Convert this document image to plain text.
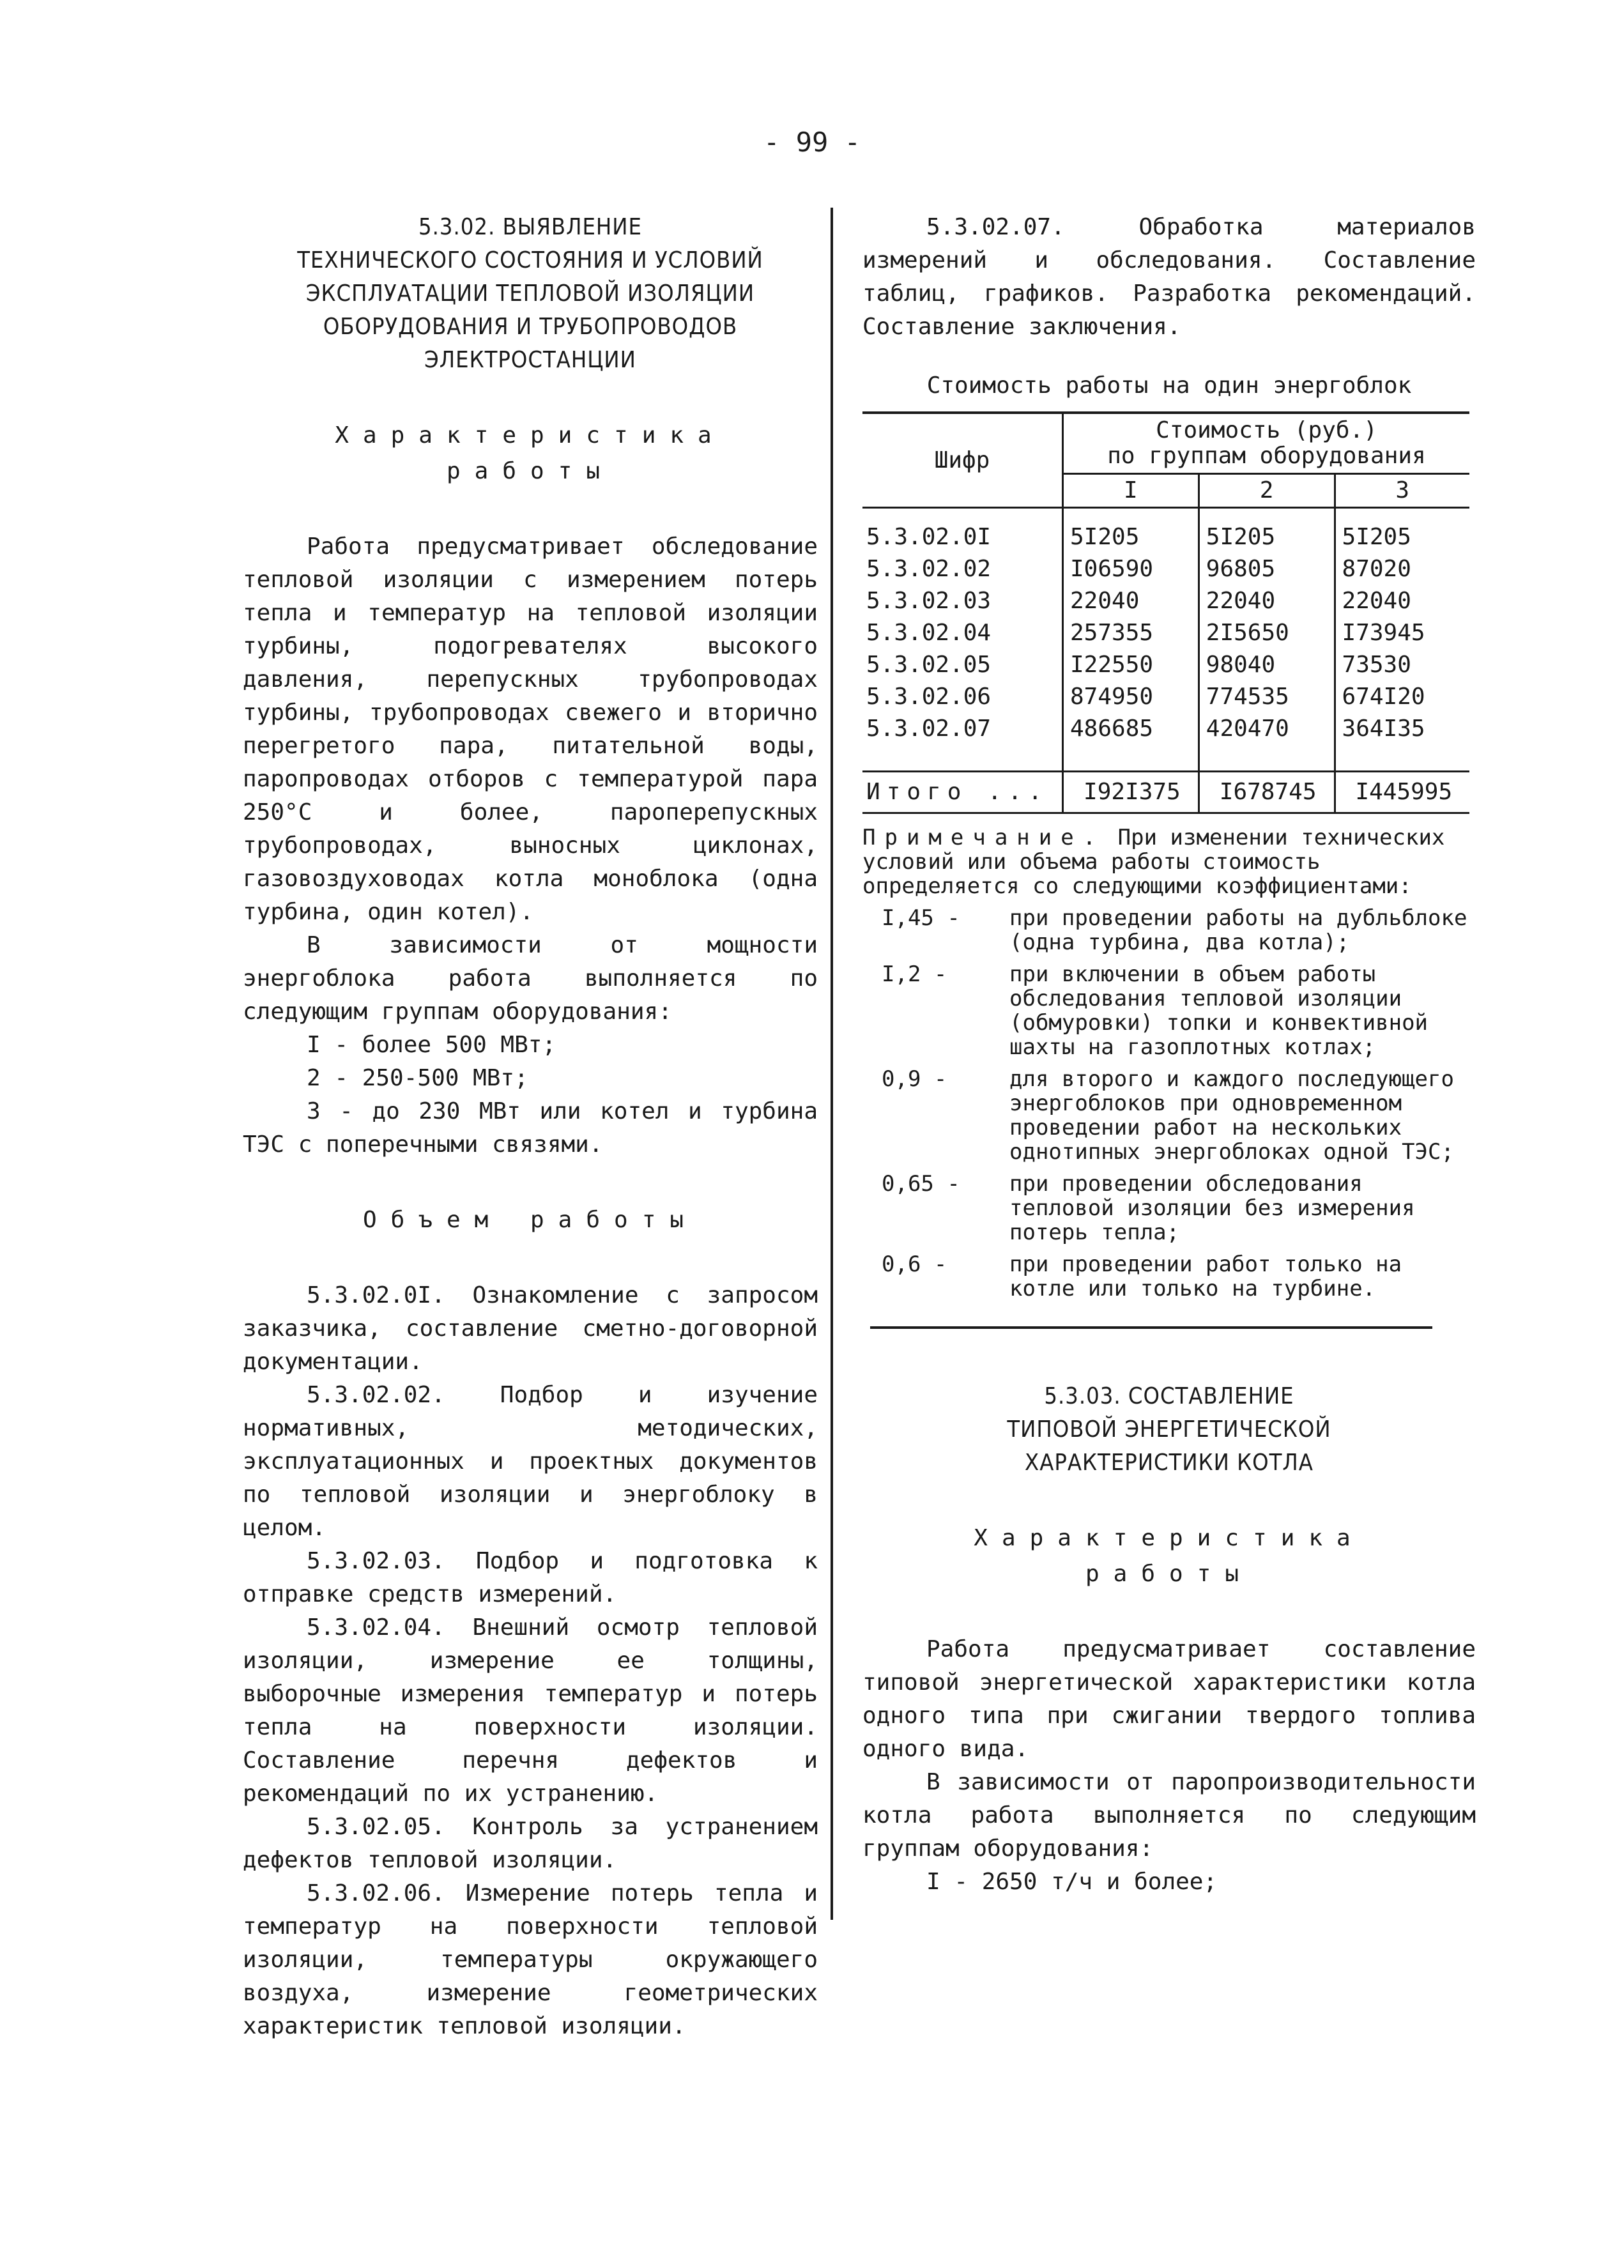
- 99 -
5.3.02. ВЫЯВЛЕНИЕ
ТЕХНИЧЕСКОГО СОСТОЯНИЯ И УСЛОВИЙ
ЭКСПЛУАТАЦИИ ТЕПЛОВОЙ ИЗОЛЯЦИИ
ОБОРУДОВАНИЯ И ТРУБОПРОВОДОВ
ЭЛЕКТРОСТАНЦИИ
Характеристика
работы

Работа предусматривает обследование тепловой изоляции с измерением потерь тепла и температур на тепловой изоляции турбины, подогревателях высокого давления, перепускных трубопроводах турбины, трубопроводах свежего и вторично перегретого пара, питательной воды, паропроводах отборов с температурой пара 250°С и более, пароперепускных трубопроводах, выносных циклонах, газовоздуховодах котла моноблока (одна турбина, один котел).

В зависимости от мощности энергоблока работа выполняется по следующим группам оборудования:

I - более 500 МВт;
2 - 250-500 МВт;

3 - до 230 МВт или котел и турбина ТЭС с поперечными связями.

Объем работы

5.3.02.0I. Ознакомление с запросом заказчика, составление сметно-договорной документации.

5.3.02.02. Подбор и изучение нормативных, методических, эксплуатационных и проектных документов по тепловой изоляции и энергоблоку в целом.

5.3.02.03. Подбор и подготовка к отправке средств измерений.

5.3.02.04. Внешний осмотр тепловой изоляции, измерение ее толщины, выборочные измерения температур и потерь тепла на поверхности изоляции. Составление перечня дефектов и рекомендаций по их устранению.

5.3.02.05. Контроль за устранением дефектов тепловой изоляции.

5.3.02.06. Измерение потерь тепла и температур на поверхности тепловой изоляции, температуры окружающего воздуха, измерение геометрических характеристик тепловой изоляции.

5.3.02.07. Обработка материалов измерений и обследования. Составление таблиц, графиков. Разработка рекомендаций. Составление заключения.

Стоимость работы на один энергоблок
Шифр	Стоимость (руб.)
по группам оборудования		

	I	2	3
5.3.02.0I	5I205	5I205	5I205
5.3.02.02	I06590	96805	87020
5.3.02.03	22040	22040	22040
5.3.02.04	257355	2I5650	I73945
5.3.02.05	I22550	98040	73530
5.3.02.06	874950	774535	674I20
5.3.02.07	486685	420470	364I35

Итого ...	I92I375	I678745	I445995
Примечание. При изменении технических условий или объема работы стоимость определяется со следующими коэффициентами:
I,45 -	при проведении работы на дубльблоке (одна турбина, два котла);
I,2 -	при включении в объем работы обследования тепловой изоляции (обмуровки) топки и конвективной шахты на газоплотных котлах;
0,9 -	для второго и каждого последующего энергоблоков при одновременном проведении работ на нескольких однотипных энергоблоках одной ТЭС;
0,65 -	при проведении обследования тепловой изоляции без измерения потерь тепла;
0,6 -	при проведении работ только на котле или только на турбине.
5.3.03. СОСТАВЛЕНИЕ
ТИПОВОЙ ЭНЕРГЕТИЧЕСКОЙ
ХАРАКТЕРИСТИКИ КОТЛА
Характеристика
работы

Работа предусматривает составление типовой энергетической характеристики котла одного типа при сжигании твердого топлива одного вида.

В зависимости от паропроизводительности котла работа выполняется по следующим группам оборудования:

I - 2650 т/ч и более;
